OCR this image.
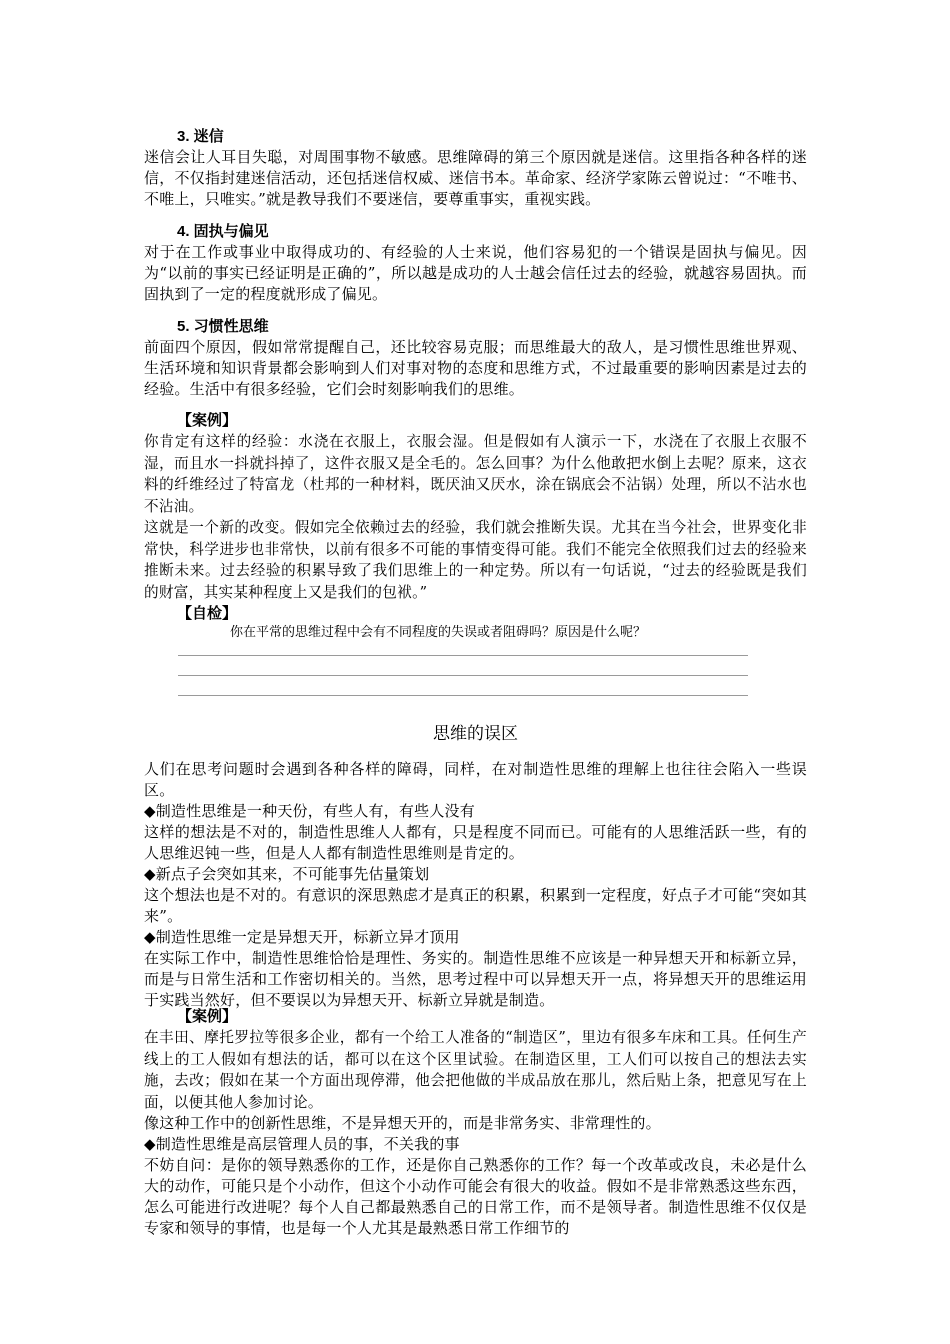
3. 迷信

迷信会让人耳目失聪，对周围事物不敏感。思维障碍的第三个原因就是迷信。这里指各种各样的迷信，不仅指封建迷信活动，还包括迷信权威、迷信书本。革命家、经济学家陈云曾说过：“不唯书、不唯上，只唯实。”就是教导我们不要迷信，要尊重事实，重视实践。

4. 固执与偏见

对于在工作或事业中取得成功的、有经验的人士来说，他们容易犯的一个错误是固执与偏见。因为“以前的事实已经证明是正确的”，所以越是成功的人士越会信任过去的经验，就越容易固执。而固执到了一定的程度就形成了偏见。

5. 习惯性思维

前面四个原因，假如常常提醒自己，还比较容易克服；而思维最大的敌人，是习惯性思维世界观、生活环境和知识背景都会影响到人们对事对物的态度和思维方式，不过最重要的影响因素是过去的经验。生活中有很多经验，它们会时刻影响我们的思维。

【案例】

你肯定有这样的经验：水浇在衣服上，衣服会湿。但是假如有人演示一下，水浇在了衣服上衣服不湿，而且水一抖就抖掉了，这件衣服又是全毛的。怎么回事？为什么他敢把水倒上去呢？原来，这衣料的纤维经过了特富龙（杜邦的一种材料，既厌油又厌水，涂在锅底会不沾锅）处理，所以不沾水也不沾油。

这就是一个新的改变。假如完全依赖过去的经验，我们就会推断失误。尤其在当今社会，世界变化非常快，科学进步也非常快，以前有很多不可能的事情变得可能。我们不能完全依照我们过去的经验来推断未来。过去经验的积累导致了我们思维上的一种定势。所以有一句话说，“过去的经验既是我们的财富，其实某种程度上又是我们的包袱。”

【自检】

你在平常的思维过程中会有不同程度的失误或者阻碍吗？原因是什么呢？

思维的误区

人们在思考问题时会遇到各种各样的障碍，同样，在对制造性思维的理解上也往往会陷入一些误区。

◆制造性思维是一种天份，有些人有，有些人没有

这样的想法是不对的，制造性思维人人都有，只是程度不同而已。可能有的人思维活跃一些，有的人思维迟钝一些，但是人人都有制造性思维则是肯定的。

◆新点子会突如其来，不可能事先估量策划

这个想法也是不对的。有意识的深思熟虑才是真正的积累，积累到一定程度，好点子才可能“突如其来”。

◆制造性思维一定是异想天开，标新立异才顶用

在实际工作中，制造性思维恰恰是理性、务实的。制造性思维不应该是一种异想天开和标新立异，而是与日常生活和工作密切相关的。当然，思考过程中可以异想天开一点，将异想天开的思维运用于实践当然好，但不要误以为异想天开、标新立异就是制造。

【案例】

在丰田、摩托罗拉等很多企业，都有一个给工人准备的“制造区”，里边有很多车床和工具。任何生产线上的工人假如有想法的话，都可以在这个区里试验。在制造区里，工人们可以按自己的想法去实施，去改；假如在某一个方面出现停滞，他会把他做的半成品放在那儿，然后贴上条，把意见写在上面，以便其他人参加讨论。

像这种工作中的创新性思维，不是异想天开的，而是非常务实、非常理性的。

◆制造性思维是高层管理人员的事，不关我的事

不妨自问：是你的领导熟悉你的工作，还是你自己熟悉你的工作？每一个改革或改良，未必是什么大的动作，可能只是个小动作，但这个小动作可能会有很大的收益。假如不是非常熟悉这些东西，怎么可能进行改进呢？每个人自己都最熟悉自己的日常工作，而不是领导者。制造性思维不仅仅是专家和领导的事情，也是每一个人尤其是最熟悉日常工作细节的
